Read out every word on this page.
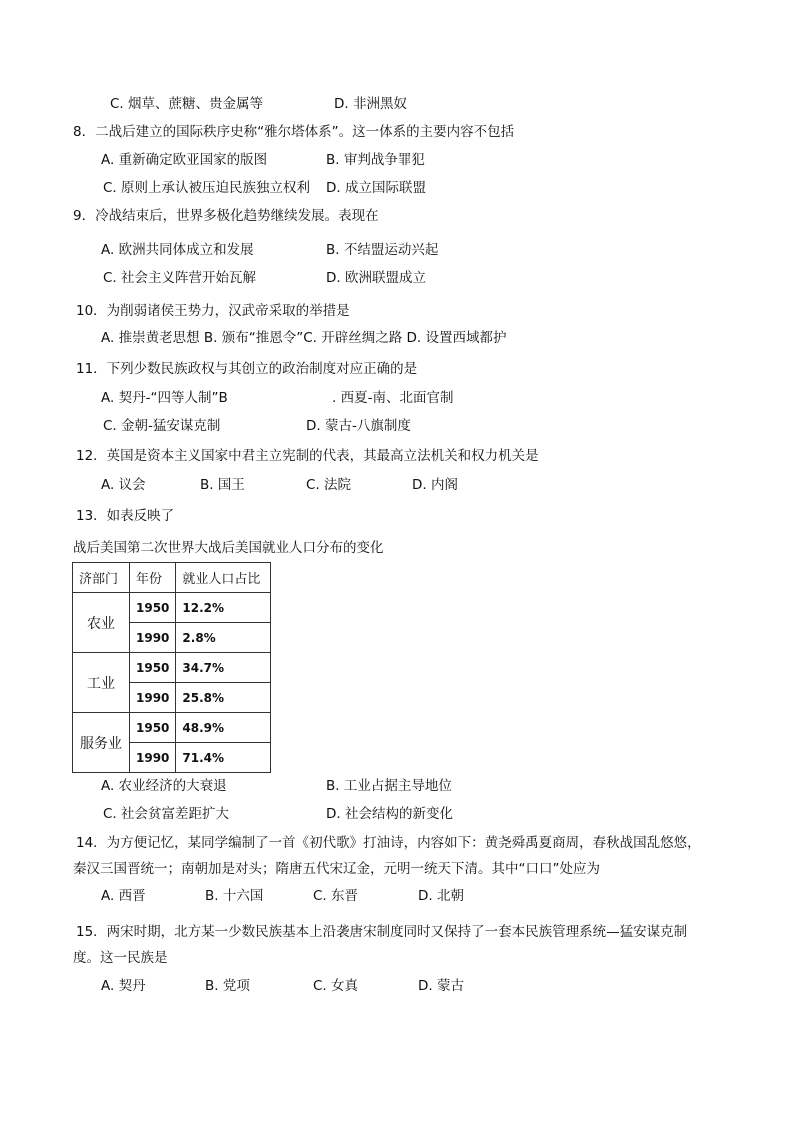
C. 烟草、蔗糖、贵金属等	D. 非洲黑奴
8．二战后建立的国际秩序史称“雅尔塔体系”。这一体系的主要内容不包括
A. 重新确定欧亚国家的版图	B. 审判战争罪犯
C. 原则上承认被压迫民族独立权利 D. 成立国际联盟
9．冷战结束后，世界多极化趋势继续发展。表现在
A. 欧洲共同体成立和发展	B. 不结盟运动兴起
C. 社会主义阵营开始瓦解	D. 欧洲联盟成立
10．为削弱诸侯王势力，汉武帝采取的举措是
A. 推崇黄老思想 B. 颁布“推恩令”C. 开辟丝绸之路 D. 设置西域都护
11．下列少数民族政权与其创立的政治制度对应正确的是
A. 契丹-“四等人制”B	. 西夏-南、北面官制
C. 金朝-猛安谋克制	D. 蒙古-八旗制度
12．英国是资本主义国家中君主立宪制的代表，其最高立法机关和权力机关是
A. 议会	B. 国王	C. 法院	D. 内阁
13．如表反映了
战后美国第二次世界大战后美国就业人口分布的变化
济部门	年份	就业人口占比
农业	1950	12.2%
	1990	2.8%
工业	1950	34.7%
	1990	25.8%
服务业	1950	48.9%
	1990	71.4%
A. 农业经济的大衰退	B. 工业占据主导地位
C. 社会贫富差距扩大	D. 社会结构的新变化
14．为方便记忆，某同学编制了一首《初代歌》打油诗，内容如下：黄尧舜禹夏商周，春秋战国乱悠悠，
秦汉三国晋统一；南朝加是对头；隋唐五代宋辽金，元明一统天下清。其中“口口”处应为
A. 西晋	B. 十六国	C. 东晋	D. 北朝
15．两宋时期，北方某一少数民族基本上沿袭唐宋制度同时又保持了一套本民族管理系统—猛安谋克制
度。这一民族是
A. 契丹	B. 党项	C. 女真	D. 蒙古
